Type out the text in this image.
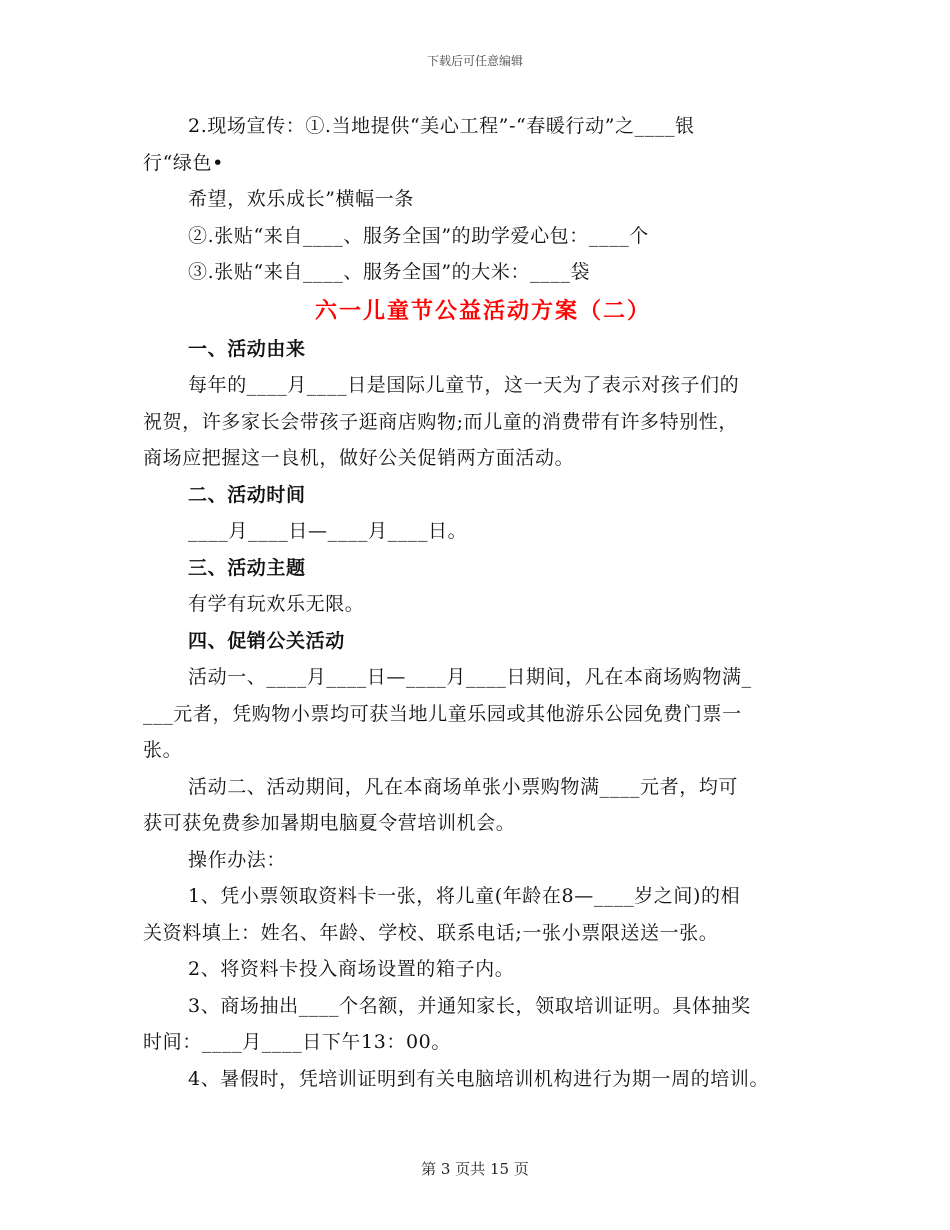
下载后可任意编辑
2.现场宣传：①.当地提供“美心工程”-“春暖行动”之____银
行“绿色•
希望，欢乐成长”横幅一条
②.张贴“来自____、服务全国”的助学爱心包：____个
③.张贴“来自____、服务全国”的大米：____袋
六一儿童节公益活动方案（二）
一、活动由来
每年的____月____日是国际儿童节，这一天为了表示对孩子们的
祝贺，许多家长会带孩子逛商店购物;而儿童的消费带有许多特别性，
商场应把握这一良机，做好公关促销两方面活动。
二、活动时间
____月____日—____月____日。
三、活动主题
有学有玩欢乐无限。
四、促销公关活动
活动一、____月____日—____月____日期间，凡在本商场购物满_
___元者，凭购物小票均可获当地儿童乐园或其他游乐公园免费门票一
张。
活动二、活动期间，凡在本商场单张小票购物满____元者，均可
获可获免费参加暑期电脑夏令营培训机会。
操作办法：
1、凭小票领取资料卡一张，将儿童(年龄在8—____岁之间)的相
关资料填上：姓名、年龄、学校、联系电话;一张小票限送送一张。
2、将资料卡投入商场设置的箱子内。
3、商场抽出____个名额，并通知家长，领取培训证明。具体抽奖
时间：____月____日下午13：00。
4、暑假时，凭培训证明到有关电脑培训机构进行为期一周的培训。
第 3 页共 15 页
